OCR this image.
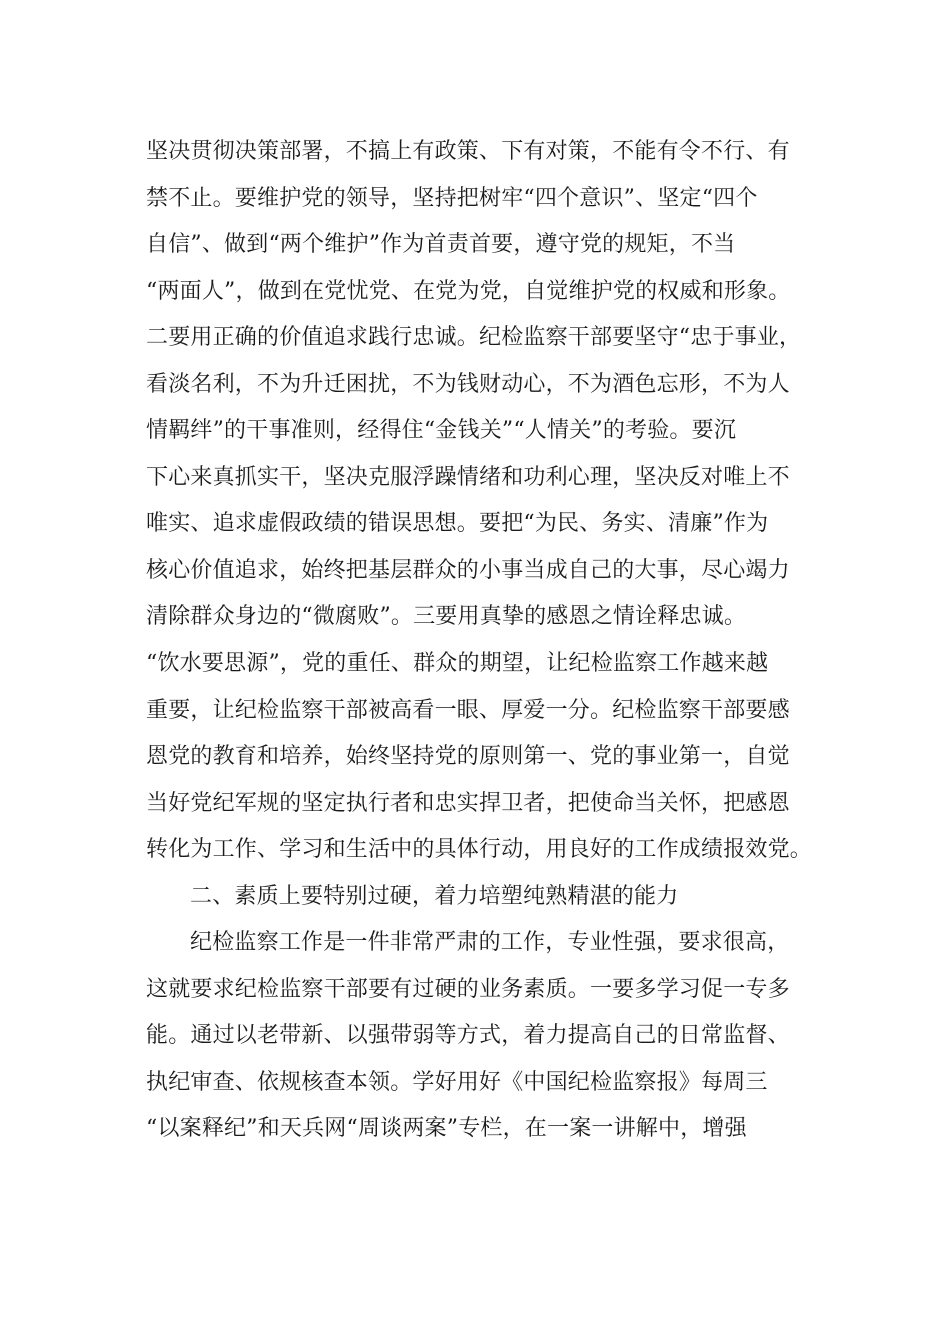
坚决贯彻决策部署，不搞上有政策、下有对策，不能有令不行、有
禁不止。要维护党的领导，坚持把树牢“四个意识”、坚定“四个
自信”、做到“两个维护”作为首责首要，遵守党的规矩，不当
“两面人”，做到在党忧党、在党为党，自觉维护党的权威和形象。
二要用正确的价值追求践行忠诚。纪检监察干部要坚守“忠于事业，
看淡名利，不为升迁困扰，不为钱财动心，不为酒色忘形，不为人
情羁绊”的干事准则，经得住“金钱关”“人情关”的考验。要沉
下心来真抓实干，坚决克服浮躁情绪和功利心理，坚决反对唯上不
唯实、追求虚假政绩的错误思想。要把“为民、务实、清廉”作为
核心价值追求，始终把基层群众的小事当成自己的大事，尽心竭力
清除群众身边的“微腐败”。三要用真挚的感恩之情诠释忠诚。
“饮水要思源”，党的重任、群众的期望，让纪检监察工作越来越
重要，让纪检监察干部被高看一眼、厚爱一分。纪检监察干部要感
恩党的教育和培养，始终坚持党的原则第一、党的事业第一，自觉
当好党纪军规的坚定执行者和忠实捍卫者，把使命当关怀，把感恩
转化为工作、学习和生活中的具体行动，用良好的工作成绩报效党。
二、素质上要特别过硬，着力培塑纯熟精湛的能力
纪检监察工作是一件非常严肃的工作，专业性强，要求很高，
这就要求纪检监察干部要有过硬的业务素质。一要多学习促一专多
能。通过以老带新、以强带弱等方式，着力提高自己的日常监督、
执纪审查、依规核查本领。学好用好《中国纪检监察报》每周三
“以案释纪”和天兵网“周谈两案”专栏，在一案一讲解中，增强
